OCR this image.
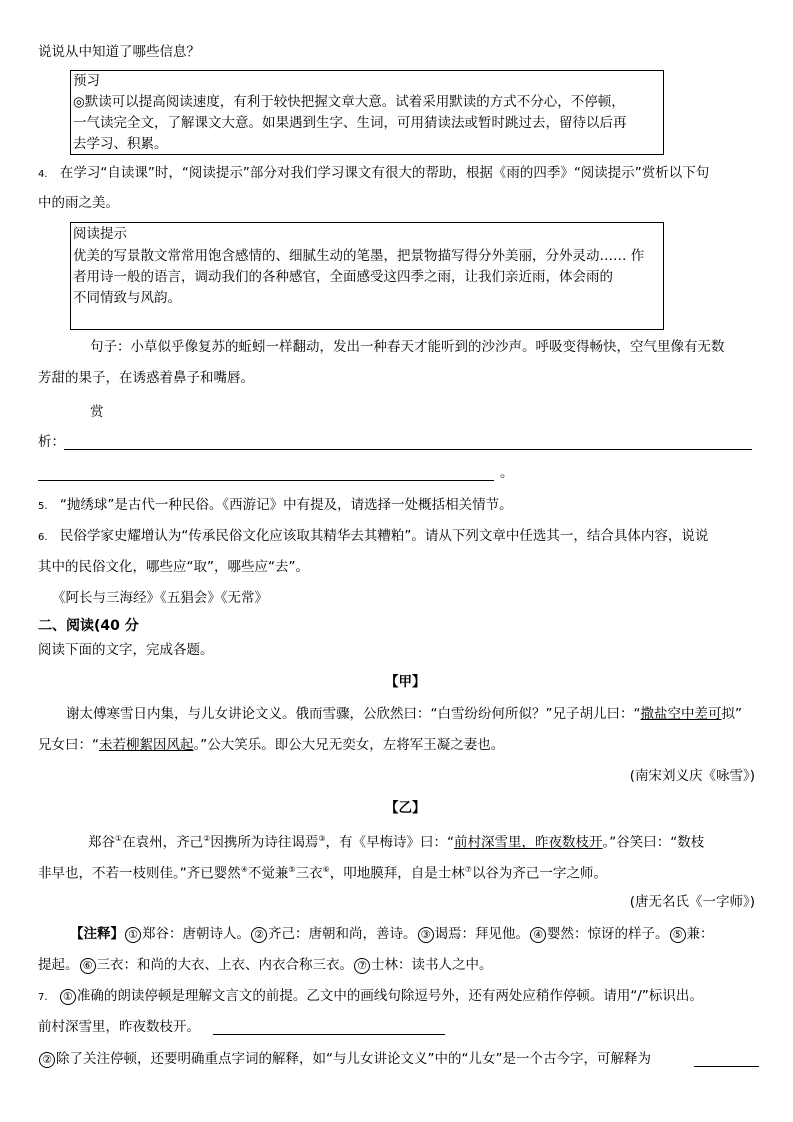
说说从中知道了哪些信息？
预习
◎默读可以提高阅读速度，有利于较快把握文章大意。试着采用默读的方式不分心，不停顿，
一气读完全文，了解课文大意。如果遇到生字、生词，可用猜读法或暂时跳过去，留待以后再
去学习、积累。
4. 在学习“自读课”时，“阅读提示”部分对我们学习课文有很大的帮助，根据《雨的四季》“阅读提示”赏析以下句
中的雨之美。
阅读提示
优美的写景散文常常用饱含感情的、细腻生动的笔墨，把景物描写得分外美丽，分外灵动…… 作
者用诗一般的语言，调动我们的各种感官，全面感受这四季之雨，让我们亲近雨，体会雨的
不同情致与风韵。
句子：小草似乎像复苏的蚯蚓一样翻动，发出一种春天才能听到的沙沙声。呼吸变得畅快，空气里像有无数
芳甜的果子，在诱惑着鼻子和嘴唇。
赏
析：
。
5. “抛绣球”是古代一种民俗。《西游记》中有提及，请选择一处概括相关情节。
6. 民俗学家史耀增认为“传承民俗文化应该取其精华去其糟粕”。请从下列文章中任选其一，结合具体内容，说说
其中的民俗文化，哪些应“取”，哪些应“去”。
《阿长与三海经》《五猖会》《无常》
二、阅读(40 分
阅读下面的文字，完成各题。
【甲】
谢太傅寒雪日内集，与儿女讲论文义。俄而雪骤，公欣然曰：“白雪纷纷何所似？”兄子胡儿曰：“撒盐空中差可拟”
兄女曰：“未若柳絮因风起。”公大笑乐。即公大兄无奕女，左将军王凝之妻也。
(南宋刘义庆《咏雪》)
【乙】
郑谷①在袁州，齐己②因携所为诗往谒焉③，有《早梅诗》曰：“前村深雪里，昨夜数枝开。”谷笑曰：“数枝
非早也，不若一枝则佳。”齐已婴然④不觉兼⑤三衣⑥，叩地膜拜，自是士林⑦以谷为齐己一字之师。
(唐无名氏《一字师》)
【注释】 ① 郑谷：唐朝诗人。 ② 齐己：唐朝和尚，善诗。 ③ 谒焉：拜见他。 ④ 婴然：惊讶的样子。 ⑤ 兼：
提起。 ⑥ 三衣：和尚的大衣、上衣、内衣合称三衣。 ⑦ 士林：读书人之中。
7. ① 准确的朗读停顿是理解文言文的前提。乙文中的画线句除逗号外，还有两处应稍作停顿。请用“/”标识出。
前村深雪里，昨夜数枝开。
② 除了关注停顿，还要明确重点字词的解释，如“与儿女讲论文义”中的“儿女”是一个古今字，可解释为
